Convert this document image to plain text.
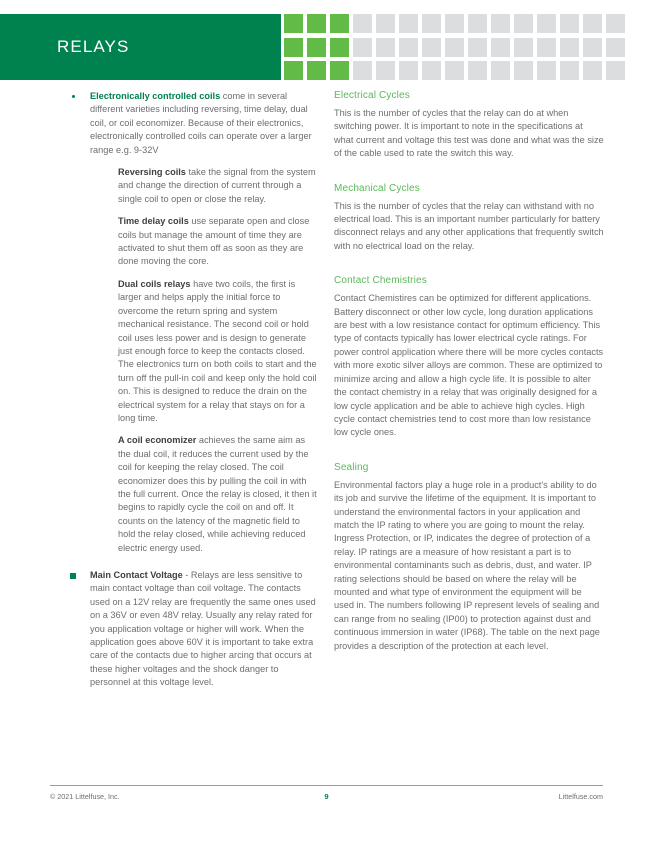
RELAYS
Electronically controlled coils come in several different varieties including reversing, time delay, dual coil, or coil economizer. Because of their electronics, electronically controlled coils can operate over a larger range e.g. 9-32V

Reversing coils take the signal from the system and change the direction of current through a single coil to open or close the relay.

Time delay coils use separate open and close coils but manage the amount of time they are activated to shut them off as soon as they are done moving the core.

Dual coils relays have two coils, the first is larger and helps apply the initial force to overcome the return spring and system mechanical resistance. The second coil or hold coil uses less power and is design to generate just enough force to keep the contacts closed. The electronics turn on both coils to start and the turn off the pull-in coil and keep only the hold coil on. This is designed to reduce the drain on the electrical system for a relay that stays on for a long time.

A coil economizer achieves the same aim as the dual coil, it reduces the current used by the coil for keeping the relay closed. The coil economizer does this by pulling the coil in with the full current. Once the relay is closed, it then it begins to rapidly cycle the coil on and off. It counts on the latency of the magnetic field to hold the relay closed, while achieving reduced electric energy used.

Main Contact Voltage - Relays are less sensitive to main contact voltage than coil voltage. The contacts used on a 12V relay are frequently the same ones used on a 36V or even 48V relay. Usually any relay rated for you application voltage or higher will work. When the application goes above 60V it is important to take extra care of the contacts due to higher arcing that occurs at these higher voltages and the shock danger to personnel at this voltage level.
Electrical Cycles

This is the number of cycles that the relay can do at when switching power. It is important to note in the specifications at what current and voltage this test was done and what was the size of the cable used to rate the switch this way.

Mechanical Cycles

This is the number of cycles that the relay can withstand with no electrical load. This is an important number particularly for battery disconnect relays and any other applications that frequently switch with no electrical load on the relay.

Contact Chemistries

Contact Chemistires can be optimized for different applications. Battery disconnect or other low cycle, long duration applications are best with a low resistance contact for optimum efficiency. This type of contacts typically has lower electrical cycle ratings. For power control application where there will be more cycles contacts with more exotic silver alloys are common. These are optimized to minimize arcing and allow a high cycle life. It is possible to alter the contact chemistry in a relay that was originally designed for a low cycle application and be able to achieve high cycles. High cycle contact chemistries tend to cost more than low resistance low cycle ones.

Sealing

Environmental factors play a huge role in a product's ability to do its job and survive the lifetime of the equipment. It is important to understand the environmental factors in your application and match the IP rating to where you are going to mount the relay. Ingress Protection, or IP, indicates the degree of protection of a relay. IP ratings are a measure of how resistant a part is to environmental contaminants such as debris, dust, and water. IP rating selections should be based on where the relay will be mounted and what type of environment the equipment will be used in. The numbers following IP represent levels of sealing and can range from no sealing (IP00) to protection against dust and continuous immersion in water (IP68). The table on the next page provides a description of the protection at each level.

© 2021 Littelfuse, Inc.	9	Littelfuse.com
